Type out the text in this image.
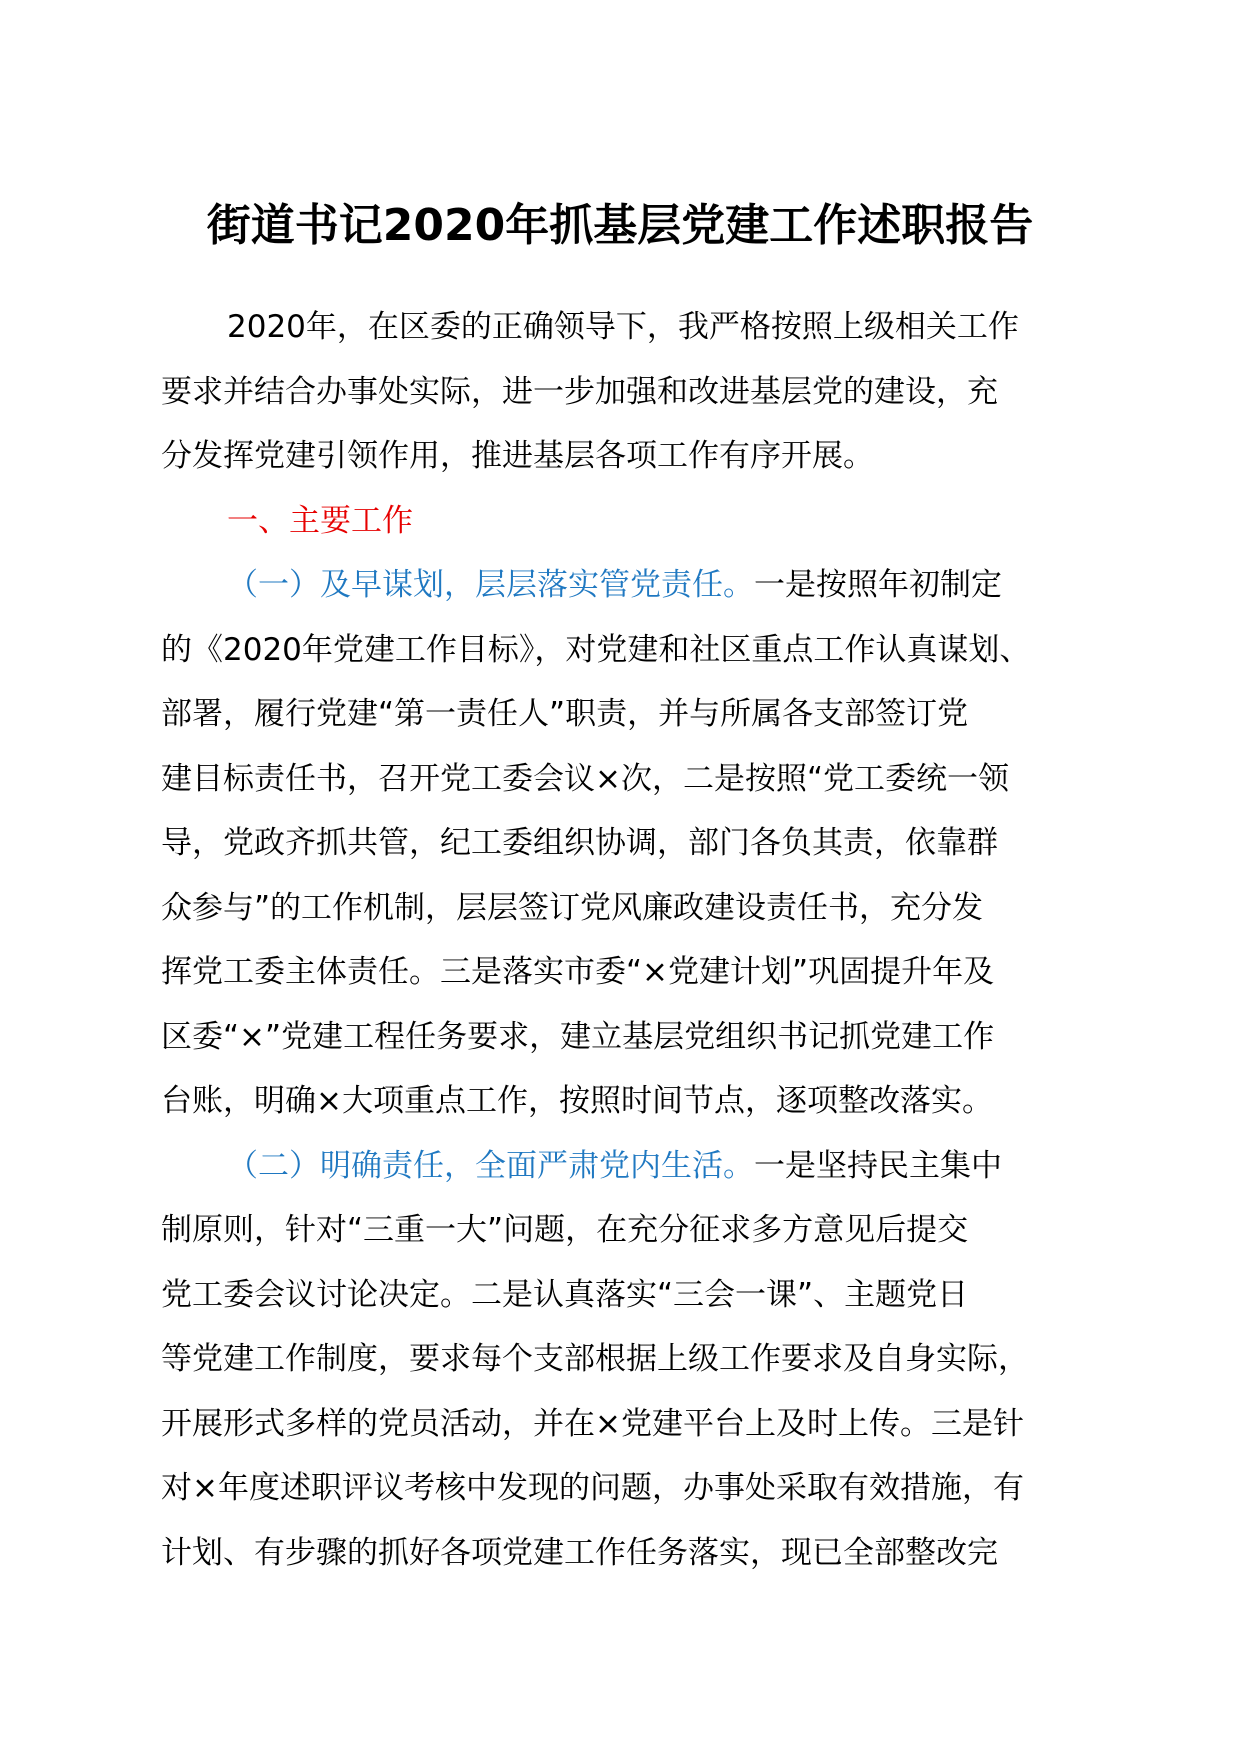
街道书记2020年抓基层党建工作述职报告
2020年，在区委的正确领导下，我严格按照上级相关工作
要求并结合办事处实际，进一步加强和改进基层党的建设，充
分发挥党建引领作用，推进基层各项工作有序开展。
一、主要工作
（一）及早谋划，层层落实管党责任。一是按照年初制定
的《2020年党建工作目标》，对党建和社区重点工作认真谋划、
部署，履行党建“第一责任人”职责，并与所属各支部签订党
建目标责任书，召开党工委会议×次，二是按照“党工委统一领
导，党政齐抓共管，纪工委组织协调，部门各负其责，依靠群
众参与”的工作机制，层层签订党风廉政建设责任书，充分发
挥党工委主体责任。三是落实市委“×党建计划”巩固提升年及
区委“×”党建工程任务要求，建立基层党组织书记抓党建工作
台账，明确×大项重点工作，按照时间节点，逐项整改落实。
（二）明确责任，全面严肃党内生活。一是坚持民主集中
制原则，针对“三重一大”问题，在充分征求多方意见后提交
党工委会议讨论决定。二是认真落实“三会一课”、主题党日
等党建工作制度，要求每个支部根据上级工作要求及自身实际，
开展形式多样的党员活动，并在×党建平台上及时上传。三是针
对×年度述职评议考核中发现的问题，办事处采取有效措施，有
计划、有步骤的抓好各项党建工作任务落实，现已全部整改完
